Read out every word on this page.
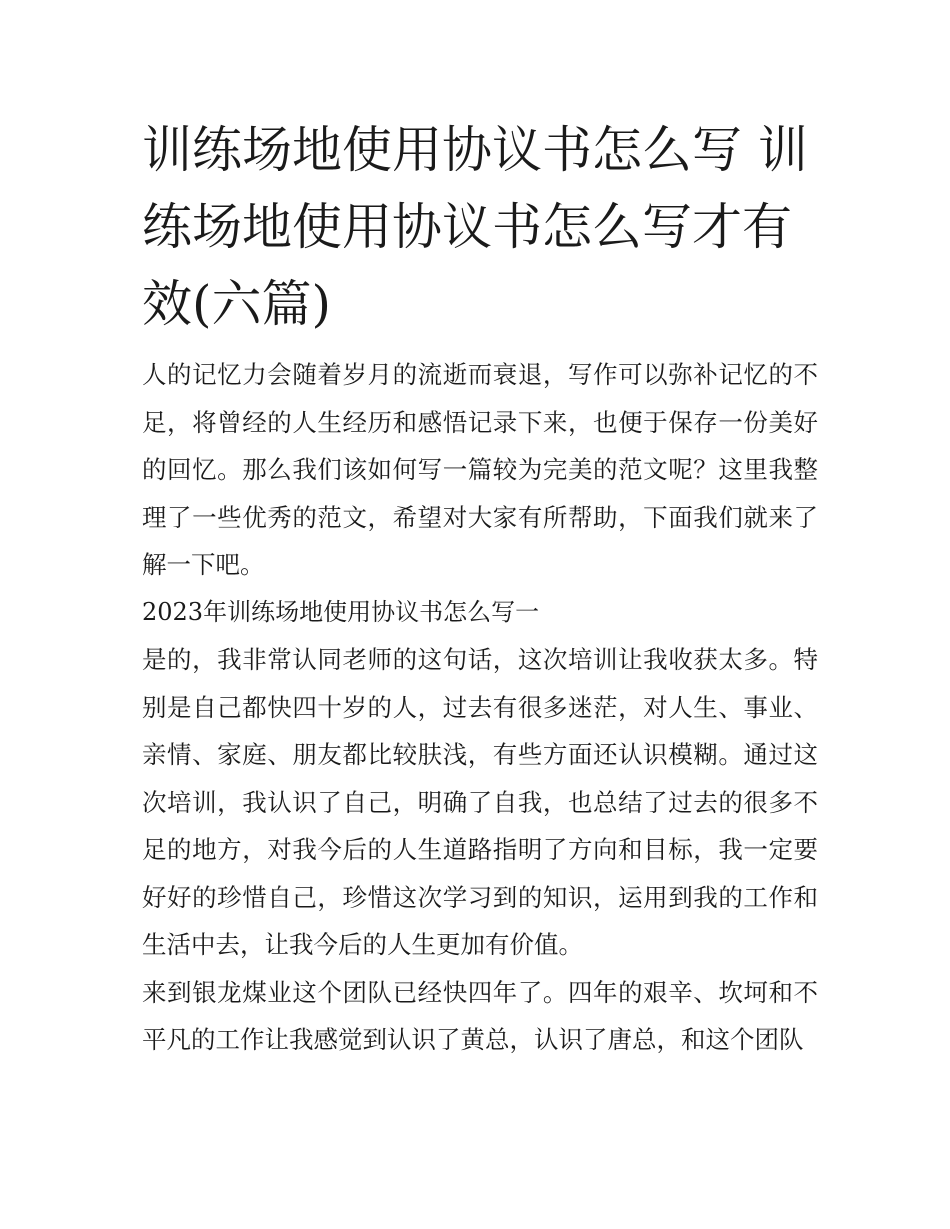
训练场地使用协议书怎么写 训练场地使用协议书怎么写才有效(六篇)

人的记忆力会随着岁月的流逝而衰退，写作可以弥补记忆的不足，将曾经的人生经历和感悟记录下来，也便于保存一份美好的回忆。那么我们该如何写一篇较为完美的范文呢？这里我整理了一些优秀的范文，希望对大家有所帮助，下面我们就来了解一下吧。

2023年训练场地使用协议书怎么写一

是的，我非常认同老师的这句话，这次培训让我收获太多。特别是自己都快四十岁的人，过去有很多迷茫，对人生、事业、亲情、家庭、朋友都比较肤浅，有些方面还认识模糊。通过这次培训，我认识了自己，明确了自我，也总结了过去的很多不足的地方，对我今后的人生道路指明了方向和目标，我一定要好好的珍惜自己，珍惜这次学习到的知识，运用到我的工作和生活中去，让我今后的人生更加有价值。

来到银龙煤业这个团队已经快四年了。四年的艰辛、坎坷和不平凡的工作让我感觉到认识了黄总，认识了唐总，和这个团队
